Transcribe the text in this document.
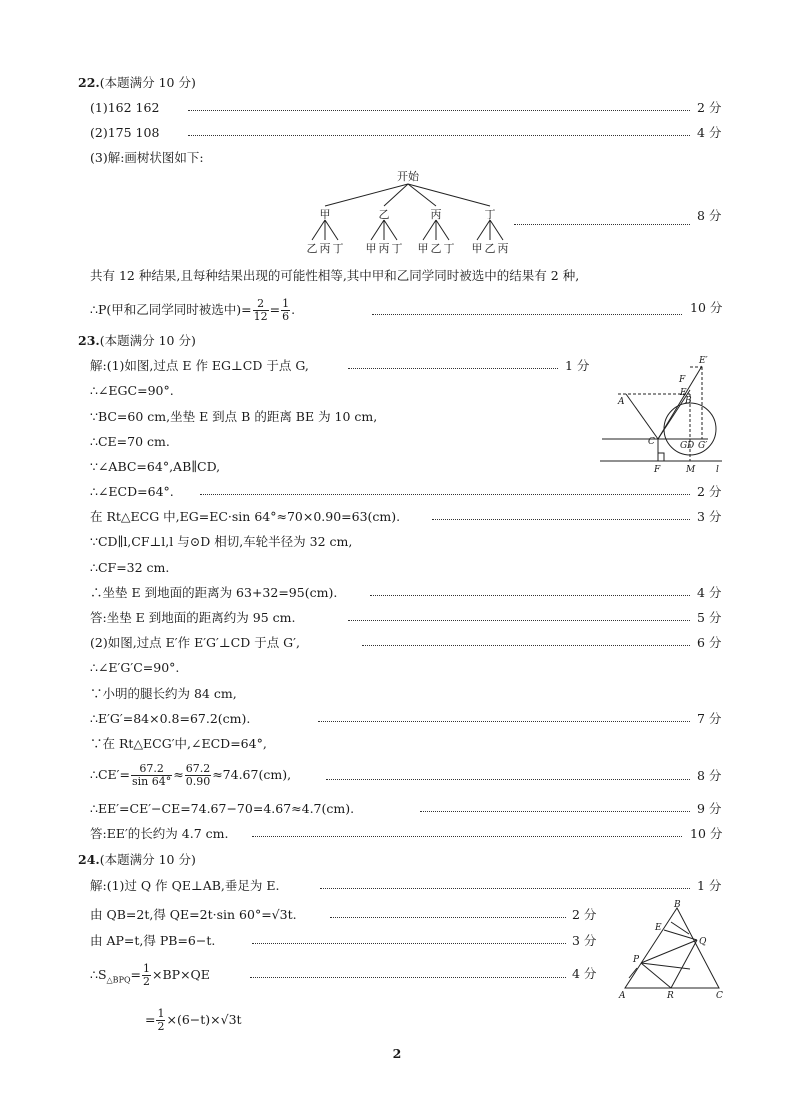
22.(本题满分 10 分)
(1)162 162	2 分
(2)175 108	4 分
(3)解:画树状图如下:
开始
甲	乙	丙	丁
乙 丙 丁 甲 丙 丁 甲 乙 丁 甲 乙 丙
8 分
共有 12 种结果,且每种结果出现的可能性相等,其中甲和乙同学同时被选中的结果有 2 种,
∴P(甲和乙同学同时被选中)= $\frac{2}{12} = \frac{1}{6}$ .	10 分
23.(本题满分 10 分)
解:(1)如图,过点 E 作 EG⊥CD 于点 G,	1 分
∴∠EGC=90°.
∵BC=60 cm,坐垫 E 到点 B 的距离 BE 为 10 cm,
∴CE=70 cm.
∵∠ABC=64°,AB∥CD,
∴∠ECD=64°.	2 分
在 Rt△ECG 中,EG=EC·sin 64°≈70×0.90=63(cm).	3 分
∵CD∥l,CF⊥l,l 与⊙D 相切,车轮半径为 32 cm,
∴CF=32 cm.
∴坐垫 E 到地面的距离为 63+32=95(cm).	4 分
答:坐垫 E 到地面的距离约为 95 cm.	5 分
(2)如图,过点 E′作 E′G′⊥CD 于点 G′,	6 分
∴∠E′G′C=90°.
∵小明的腿长约为 84 cm,
∴E′G′=84×0.8=67.2(cm).	7 分
∵在 Rt△ECG′中,∠ECD=64°,
∴CE′= $\frac{67.2}{\sin 64^\circ} \approx \frac{67.2}{0.90} \approx 74.67(cm)$,	8 分
∴EE′=CE′−CE=74.67−70=4.67≈4.7(cm).	9 分
答:EE′的长约为 4.7 cm.	10 分
E′
F
E
B
A
C	G D G′
F	M l
24.(本题满分 10 分)
解:(1)过 Q 作 QE⊥AB,垂足为 E.	1 分
由 QB=2t,得 QE=2t·sin 60°=√3t.	2 分
由 AP=t,得 PB=6−t.	3 分
$\therefore S_{\triangle BPQ}= \frac{1}{2} \times BP\times QE$	4 分
= $\frac{1}{2} \times(6-t)\times√3t$
B
E
Q
P
A	R	C
2
